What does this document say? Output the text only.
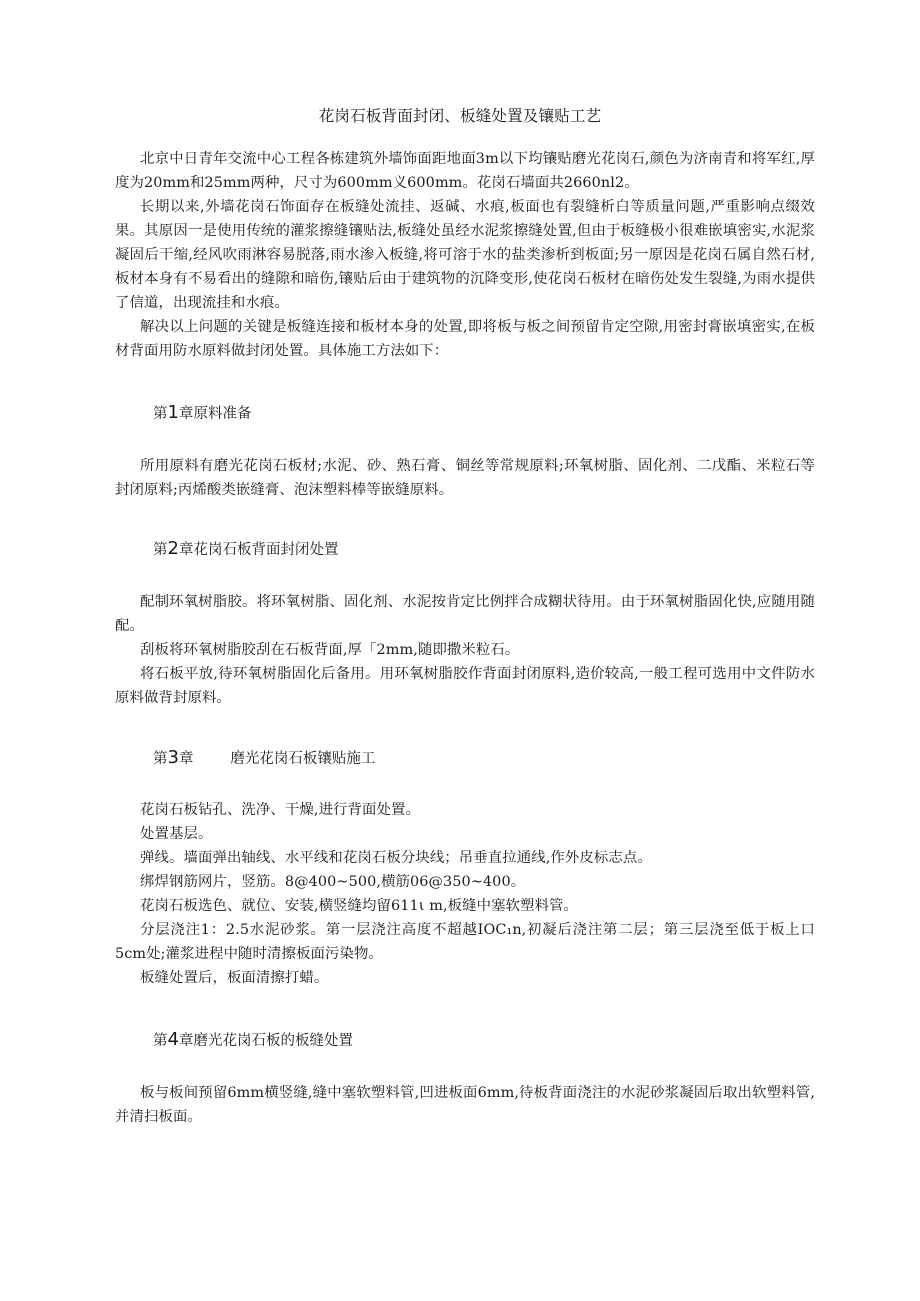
花岗石板背面封闭、板缝处置及镶贴工艺

北京中日青年交流中心工程各栋建筑外墙饰面距地面3m以下均镶贴磨光花岗石,颜色为济南青和将军红,厚度为20mm和25mm两种，尺寸为600mm义600mm。花岗石墙面共2660nl2。

长期以来,外墙花岗石饰面存在板缝处流挂、返碱、水痕,板面也有裂缝析白等质量问题,严重影响点缀效果。其原因一是使用传统的灌浆擦缝镶贴法,板缝处虽经水泥浆擦缝处置,但由于板缝极小很难嵌填密实,水泥浆凝固后干缩,经风吹雨淋容易脱落,雨水渗入板缝,将可溶于水的盐类渗析到板面;另一原因是花岗石属自然石材,板材本身有不易看出的缝隙和暗伤,镶贴后由于建筑物的沉降变形,使花岗石板材在暗伤处发生裂缝,为雨水提供了信道，出现流挂和水痕。

解决以上问题的关键是板缝连接和板材本身的处置,即将板与板之间预留肯定空隙,用密封膏嵌填密实,在板材背面用防水原料做封闭处置。具体施工方法如下：

第1章原料准备

所用原料有磨光花岗石板材;水泥、砂、熟石膏、铜丝等常规原料;环氧树脂、固化剂、二戊酯、米粒石等封闭原料;丙烯酸类嵌缝膏、泡沫塑料棒等嵌缝原料。

第2章花岗石板背面封闭处置

配制环氧树脂胶。将环氧树脂、固化剂、水泥按肯定比例拌合成糊状待用。由于环氧树脂固化快,应随用随配。

刮板将环氧树脂胶刮在石板背面,厚「2mm,随即撒米粒石。

将石板平放,待环氧树脂固化后备用。用环氧树脂胶作背面封闭原料,造价较高,一般工程可选用中文件防水原料做背封原料。

第3章        磨光花岗石板镶贴施工

花岗石板钻孔、洗净、干燥,进行背面处置。

处置基层。

弹线。墙面弹出轴线、水平线和花岗石板分块线；吊垂直拉通线,作外皮标志点。

绑焊钢筋网片，竖筋。8@400~500,横筋06@350~400。

花岗石板选色、就位、安装,横竖缝均留611ι m,板缝中塞软塑料管。

分层浇注1：2.5水泥砂浆。第一层浇注高度不超越IOC₁n,初凝后浇注第二层；第三层浇至低于板上口5cm处;灌浆进程中随时清擦板面污染物。

板缝处置后，板面清擦打蜡。

第4章磨光花岗石板的板缝处置

板与板间预留6mm横竖缝,缝中塞软塑料管,凹进板面6mm,待板背面浇注的水泥砂浆凝固后取出软塑料管,并清扫板面。
